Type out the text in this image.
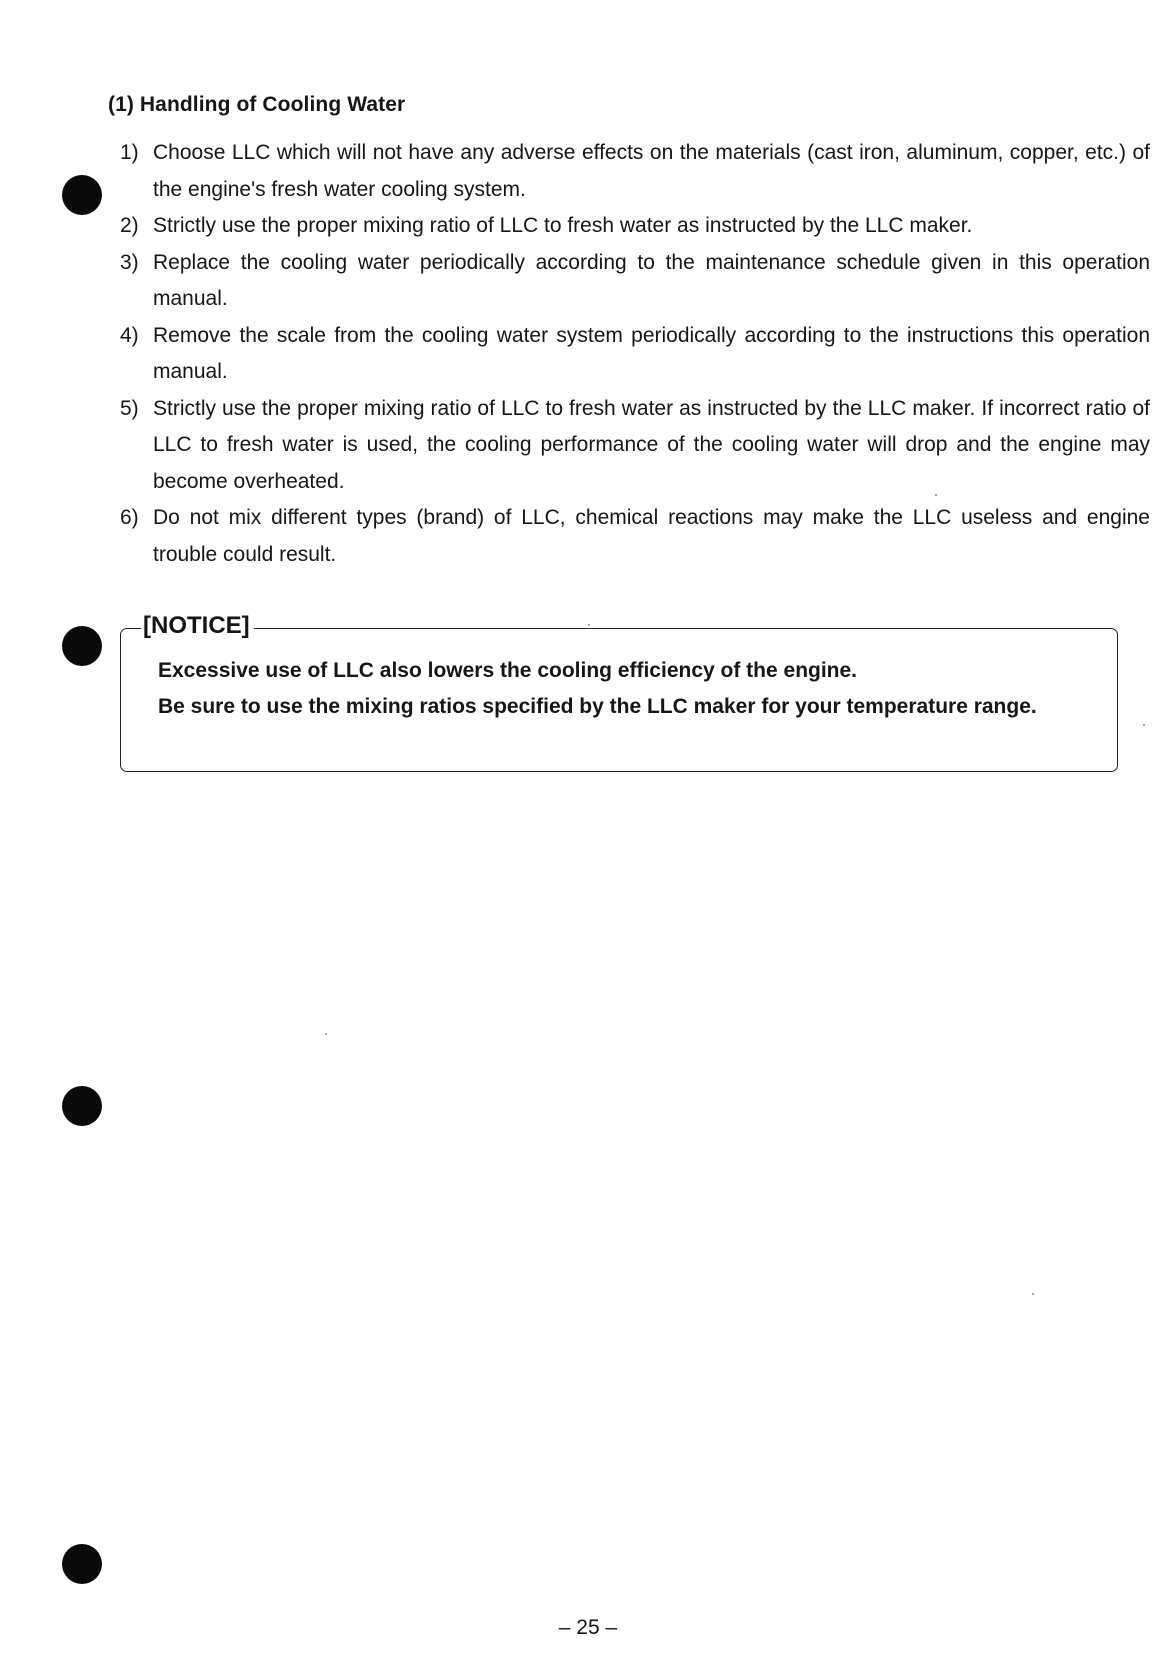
(1) Handling of Cooling Water
1) Choose LLC which will not have any adverse effects on the materials (cast iron, aluminum, copper, etc.) of the engine's fresh water cooling system.
2) Strictly use the proper mixing ratio of LLC to fresh water as instructed by the LLC maker.
3) Replace the cooling water periodically according to the maintenance schedule given in this operation manual.
4) Remove the scale from the cooling water system periodically according to the instructions this operation manual.
5) Strictly use the proper mixing ratio of LLC to fresh water as instructed by the LLC maker. If incorrect ratio of LLC to fresh water is used, the cooling performance of the cooling water will drop and the engine may become overheated.
6) Do not mix different types (brand) of LLC, chemical reactions may make the LLC useless and engine trouble could result.
[NOTICE]

Excessive use of LLC also lowers the cooling efficiency of the engine.

Be sure to use the mixing ratios specified by the LLC maker for your temperature range.

– 25 –
